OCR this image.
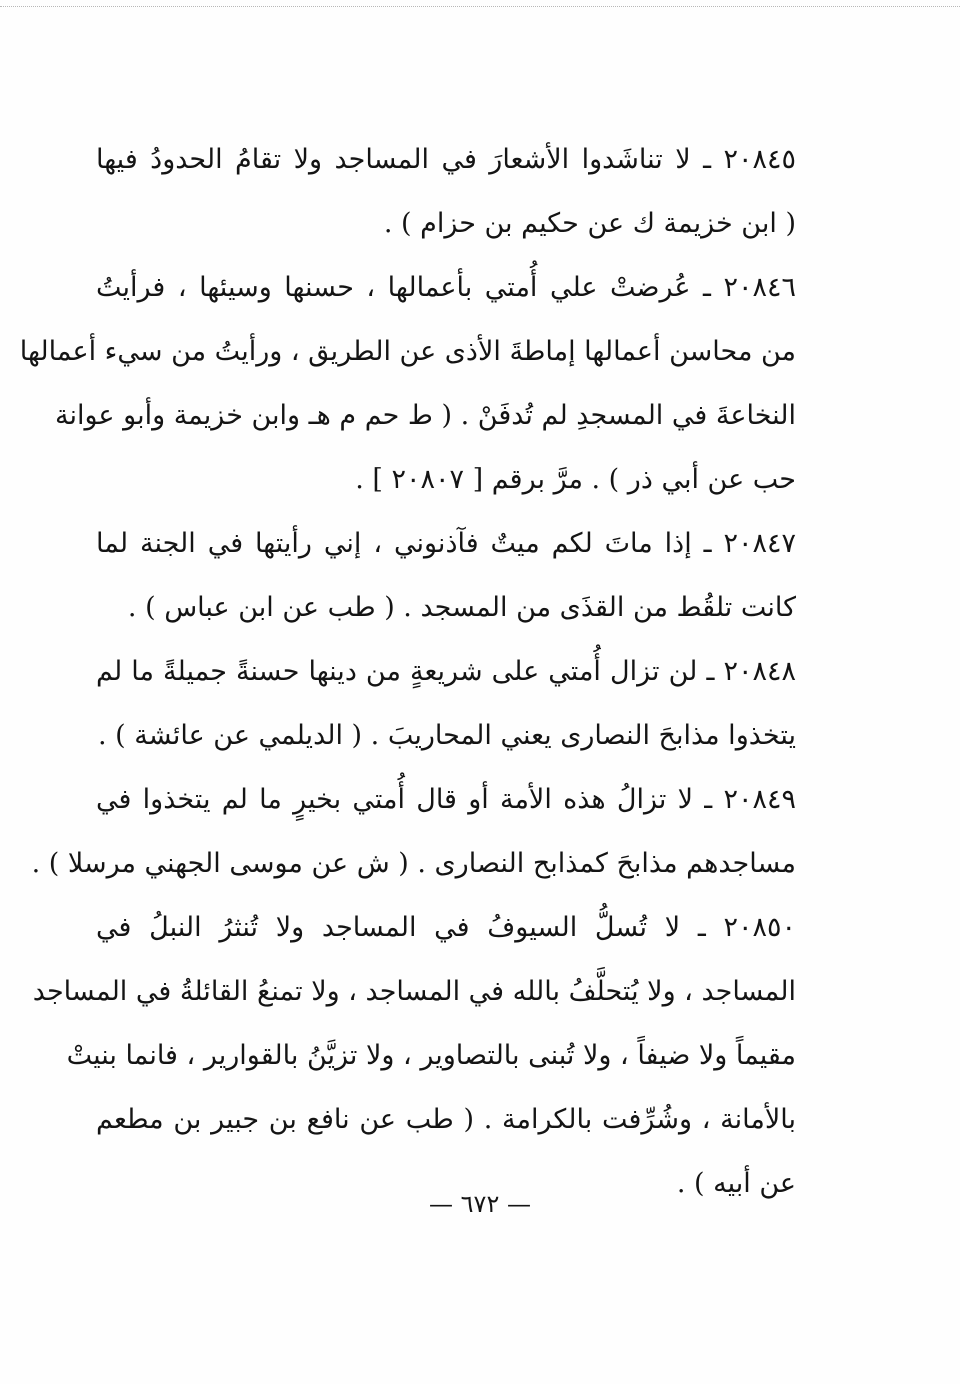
٢٠٨٤٥ ـ لا تناشَدوا الأشعارَ في المساجد ولا تقامُ الحدودُ فيها
( ابن خزيمة ك عن حكيم بن حزام ) .
٢٠٨٤٦ ـ عُرضتْ علي أُمتي بأعمالها ، حسنها وسيئها ، فرأيتُ
من محاسن أعمالها إماطةَ الأذى عن الطريق ، ورأيتُ من سيء أعمالها
النخاعةَ في المسجدِ لم تُدفَنْ . ( ط حم م هـ وابن خزيمة وأبو عوانة
حب عن أبي ذر ) . مرَّ برقم [ ٢٠٨٠٧ ] .
٢٠٨٤٧ ـ إذا ماتَ لكم ميتٌ فآذنوني ، إني رأيتها في الجنة لما
كانت تلقُط من القذَى من المسجد . ( طب عن ابن عباس ) .
٢٠٨٤٨ ـ لن تزال أُمتي على شريعةٍ من دينها حسنةً جميلةً ما لم
يتخذوا مذابحَ النصارى يعني المحاريبَ . ( الديلمي عن عائشة ) .
٢٠٨٤٩ ـ لا تزالُ هذه الأمة أو قال أُمتي بخيرٍ ما لم يتخذوا في
مساجدهم مذابحَ كمذابح النصارى . ( ش عن موسى الجهني مرسلا ) .
٢٠٨٥٠ ـ لا تُسلُّ السيوفُ في المساجد ولا تُنثرُ النبلُ في
المساجد ، ولا يُتحلَّفُ بالله في المساجد ، ولا تمنعُ القائلةُ في المساجد
مقيماً ولا ضيفاً ، ولا تُبنى بالتصاوير ، ولا تزيَّنُ بالقوارير ، فانما بنيتْ
بالأمانة ، وشُرِّفت بالكرامة . ( طب عن نافع بن جبير بن مطعم
عن أبيه ) .
— ٦٧٢ —
